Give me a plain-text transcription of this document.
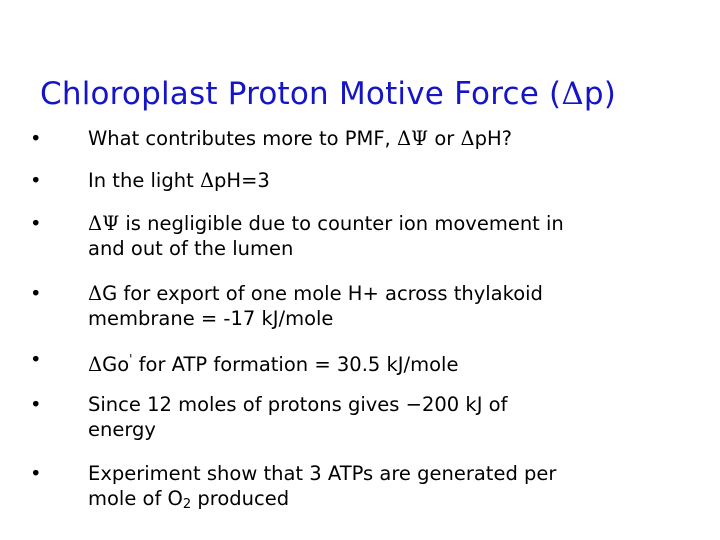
Chloroplast Proton Motive Force (Δp)
•	What contributes more to PMF, ΔΨ or ΔpH?
•	In the light ΔpH=3
•	ΔΨ is negligible due to counter ion movement in
and out of the lumen
•	ΔG for export of one mole H+ across thylakoid
membrane = -17 kJ/mole
•	ΔGo' for ATP formation = 30.5 kJ/mole
•	Since 12 moles of protons gives −200 kJ of
energy
•	Experiment show that 3 ATPs are generated per
mole of $O_2$ produced
